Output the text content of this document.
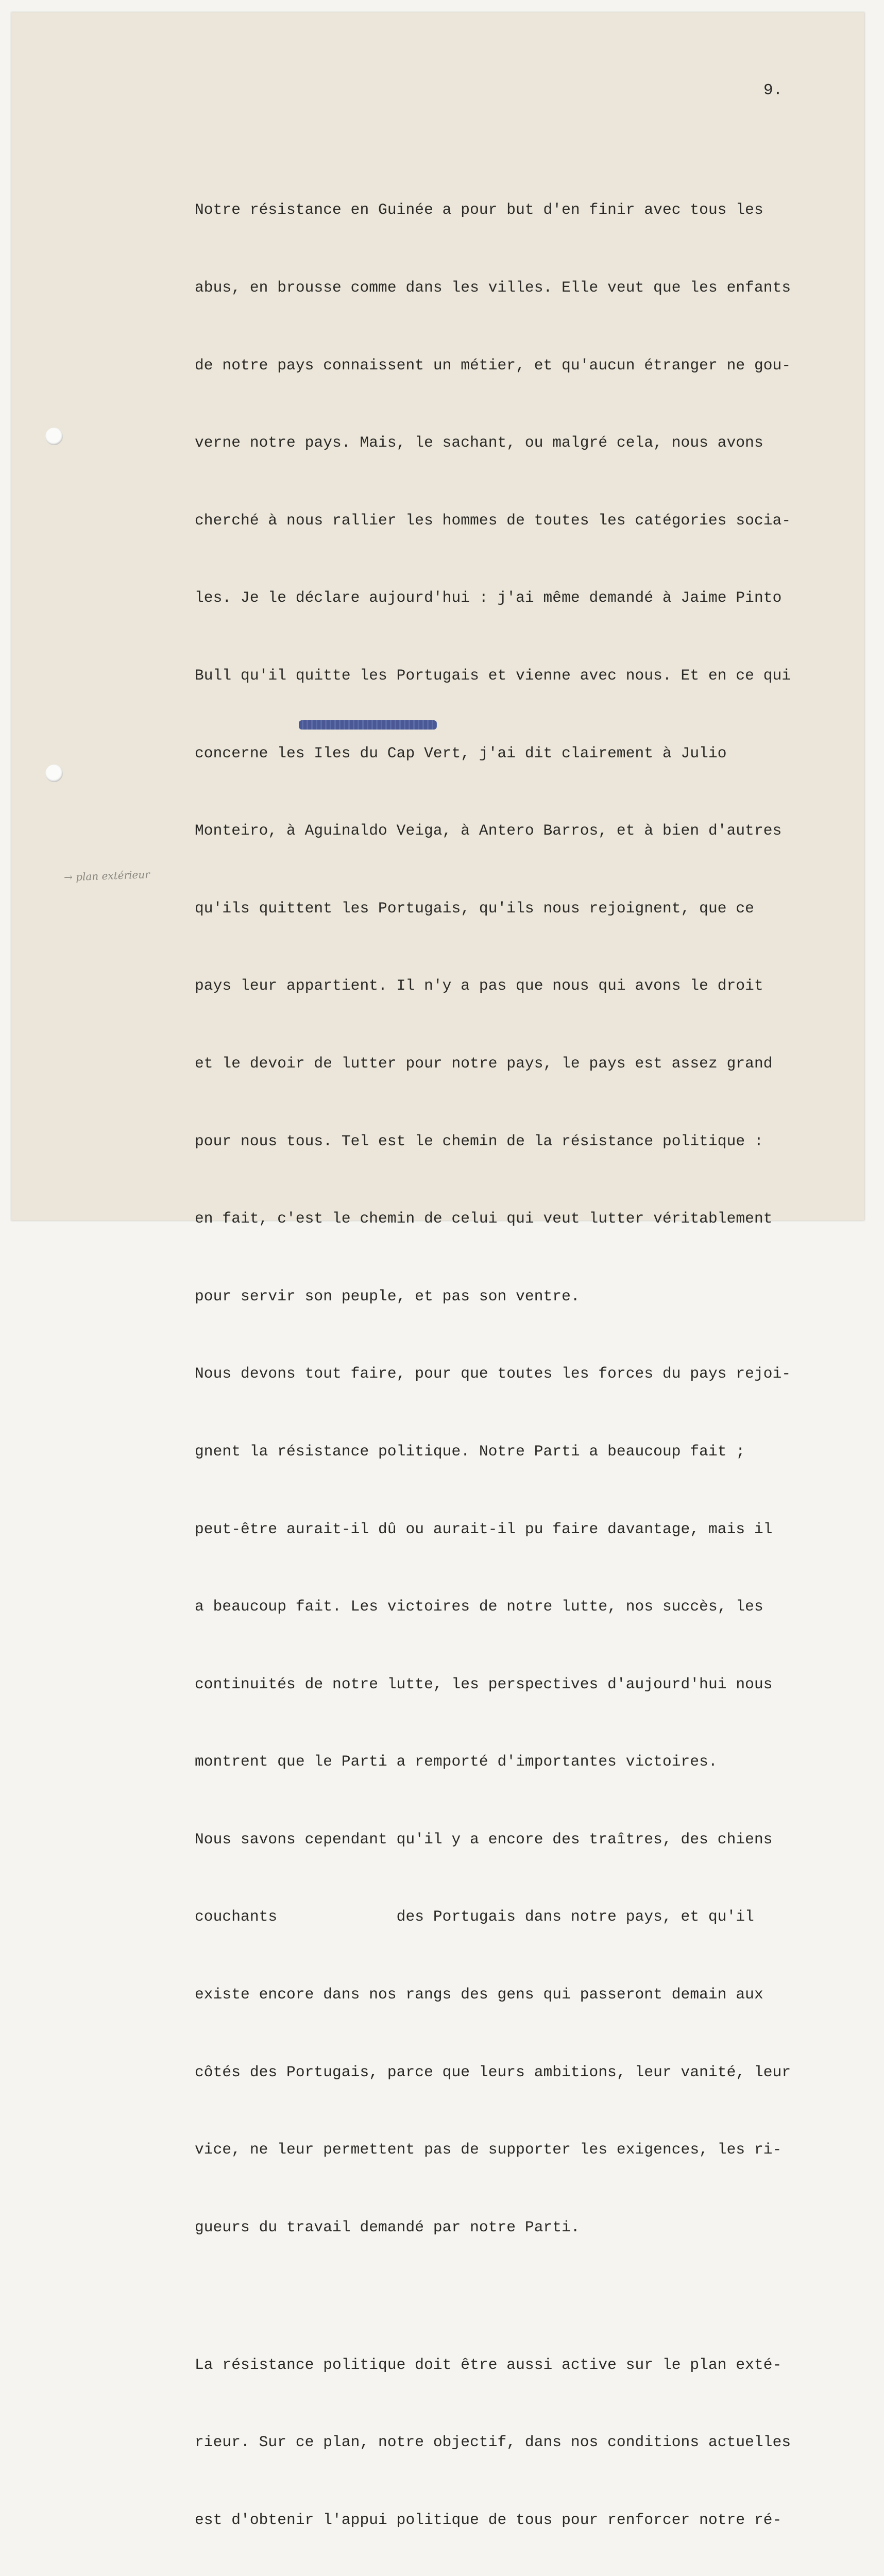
9.
→ plan extérieur

Notre résistance en Guinée a pour but d'en finir avec tous les

abus, en brousse comme dans les villes. Elle veut que les enfants

de notre pays connaissent un métier, et qu'aucun étranger ne gou-

verne notre pays. Mais, le sachant, ou malgré cela, nous avons

cherché à nous rallier les hommes de toutes les catégories socia-

les. Je le déclare aujourd'hui : j'ai même demandé à Jaime Pinto

Bull qu'il quitte les Portugais et vienne avec nous. Et en ce qui

concerne les Iles du Cap Vert, j'ai dit clairement à Julio

Monteiro, à Aguinaldo Veiga, à Antero Barros, et à bien d'autres

qu'ils quittent les Portugais, qu'ils nous rejoignent, que ce

pays leur appartient. Il n'y a pas que nous qui avons le droit

et le devoir de lutter pour notre pays, le pays est assez grand

pour nous tous. Tel est le chemin de la résistance politique :

en fait, c'est le chemin de celui qui veut lutter véritablement

pour servir son peuple, et pas son ventre.

Nous devons tout faire, pour que toutes les forces du pays rejoi-

gnent la résistance politique. Notre Parti a beaucoup fait ;

peut-être aurait-il dû ou aurait-il pu faire davantage, mais il

a beaucoup fait. Les victoires de notre lutte, nos succès, les

continuités de notre lutte, les perspectives d'aujourd'hui nous

montrent que le Parti a remporté d'importantes victoires.

Nous savons cependant qu'il y a encore des traîtres, des chiens

couchants             des Portugais dans notre pays, et qu'il

existe encore dans nos rangs des gens qui passeront demain aux

côtés des Portugais, parce que leurs ambitions, leur vanité, leur

vice, ne leur permettent pas de supporter les exigences, les ri-

gueurs du travail demandé par notre Parti.

La résistance politique doit être aussi active sur le plan exté-

rieur. Sur ce plan, notre objectif, dans nos conditions actuelles

est d'obtenir l'appui politique de tous pour renforcer notre ré-
